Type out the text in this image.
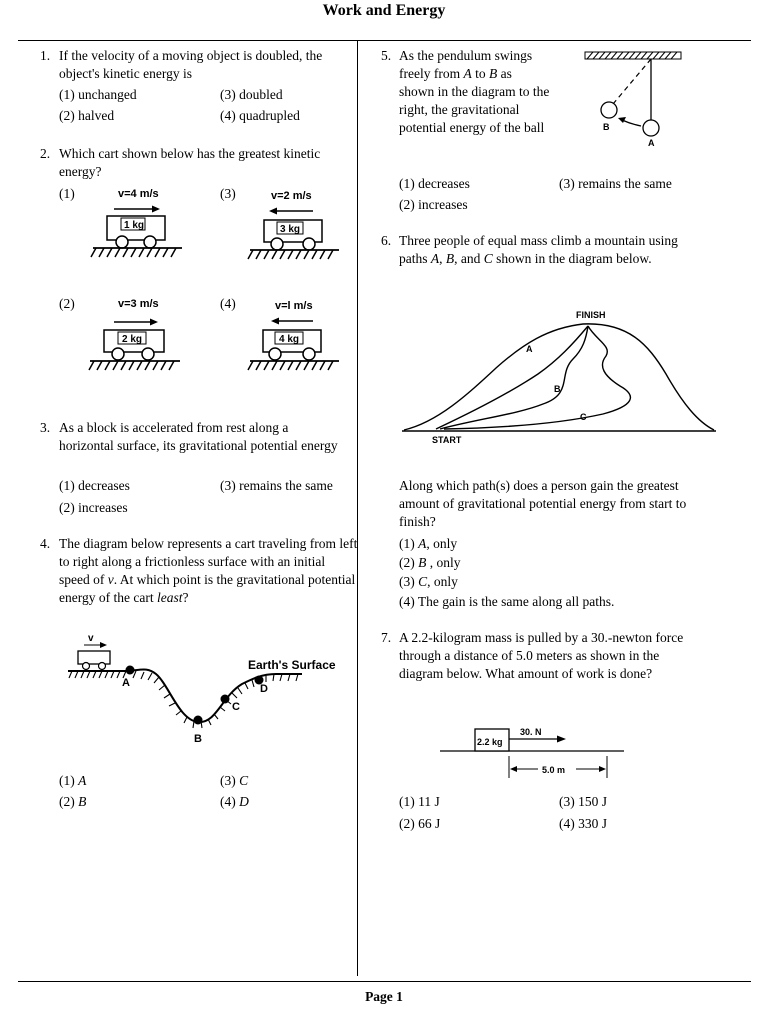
Work and Energy
1. If the velocity of a moving object is doubled, the object's kinetic energy is
(1) unchanged	(3) doubled
(2) halved	(4) quadrupled
2. Which cart shown below has the greatest kinetic energy?
(1)	v=4 m/s
1 kg
(3)	v=2 m/s
3 kg
(2)	v=3 m/s
2 kg
(4)	v=l m/s
4 kg
3. As a block is accelerated from rest along a horizontal surface, its gravitational potential energy
(1) decreases	(3) remains the same
(2) increases
4. The diagram below represents a cart traveling from left to right along a frictionless surface with an initial speed of v. At which point is the gravitational potential energy of the cart least?
v
A
B
C
D
Earth's Surface
(1) A	(3) C
(2) B	(4) D
5. As the pendulum swings
freely from A to B as
shown in the diagram to the
right, the gravitational
potential energy of the ball
A
B
(1) decreases	(3) remains the same
(2) increases
6. Three people of equal mass climb a mountain using paths A, B, and C shown in the diagram below.
FINISH
A
B
C
START
Along which path(s) does a person gain the greatest amount of gravitational potential energy from start to finish?
(1) A, only
(2) B , only
(3) C, only
(4) The gain is the same along all paths.
7. A 2.2-kilogram mass is pulled by a 30.-newton force through a distance of 5.0 meters as shown in the diagram below. What amount of work is done?
2.2 kg
30. N
5.0 m
(1) 11 J	(3) 150 J
(2) 66 J	(4) 330 J
Page 1
